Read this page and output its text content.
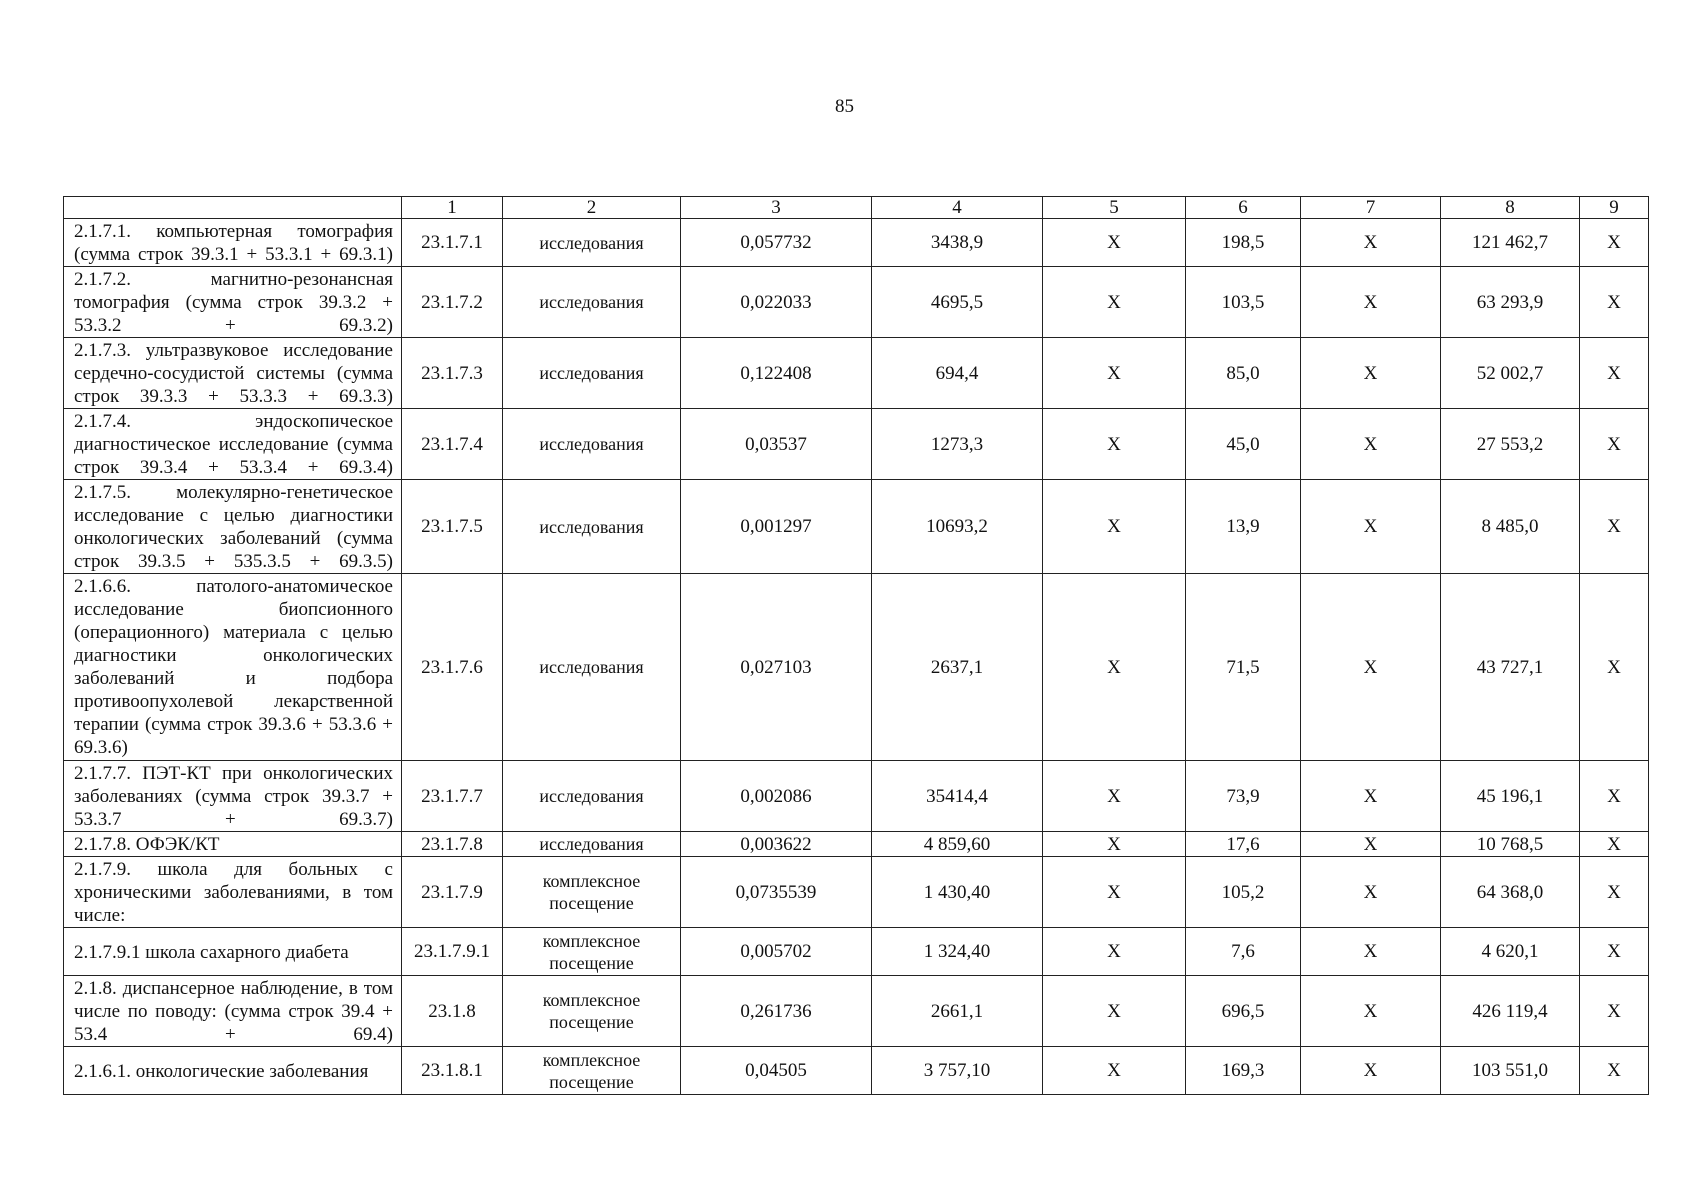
85
	1	2	3	4	5	6	7	8	9
2.1.7.1. компьютерная томография (сумма строк 39.3.1 + 53.3.1 + 69.3.1)	23.1.7.1	исследования	0,057732	3438,9	X	198,5	X	121 462,7	X
2.1.7.2. магнитно-резонансная томография (сумма строк 39.3.2 + 53.3.2 + 69.3.2)	23.1.7.2	исследования	0,022033	4695,5	X	103,5	X	63 293,9	X
2.1.7.3. ультразвуковое исследование сердечно-сосудистой системы (сумма строк 39.3.3 + 53.3.3 + 69.3.3)	23.1.7.3	исследования	0,122408	694,4	X	85,0	X	52 002,7	X
2.1.7.4. эндоскопическое диагностическое исследование (сумма строк 39.3.4 + 53.3.4 + 69.3.4)	23.1.7.4	исследования	0,03537	1273,3	X	45,0	X	27 553,2	X
2.1.7.5. молекулярно-генетическое исследование с целью диагностики онкологических заболеваний (сумма строк 39.3.5 + 535.3.5 + 69.3.5)	23.1.7.5	исследования	0,001297	10693,2	X	13,9	X	8 485,0	X
2.1.6.6. патолого-анатомическое исследование биопсионного (операционного) материала с целью диагностики онкологических заболеваний и подбора противоопухолевой лекарственной терапии (сумма строк 39.3.6 + 53.3.6 + 69.3.6)	23.1.7.6	исследования	0,027103	2637,1	X	71,5	X	43 727,1	X
2.1.7.7. ПЭТ-КТ при онкологических заболеваниях (сумма строк 39.3.7 + 53.3.7 + 69.3.7)	23.1.7.7	исследования	0,002086	35414,4	X	73,9	X	45 196,1	X
2.1.7.8. ОФЭК/КТ	23.1.7.8	исследования	0,003622	4 859,60	X	17,6	X	10 768,5	X
2.1.7.9. школа для больных с хроническими заболеваниями, в том числе:	23.1.7.9	комплексное посещение	0,0735539	1 430,40	X	105,2	X	64 368,0	X
2.1.7.9.1 школа сахарного диабета	23.1.7.9.1	комплексное посещение	0,005702	1 324,40	X	7,6	X	4 620,1	X
2.1.8. диспансерное наблюдение, в том числе по поводу: (сумма строк 39.4 + 53.4 + 69.4)	23.1.8	комплексное посещение	0,261736	2661,1	X	696,5	X	426 119,4	X
2.1.6.1. онкологические заболевания	23.1.8.1	комплексное посещение	0,04505	3 757,10	X	169,3	X	103 551,0	X
